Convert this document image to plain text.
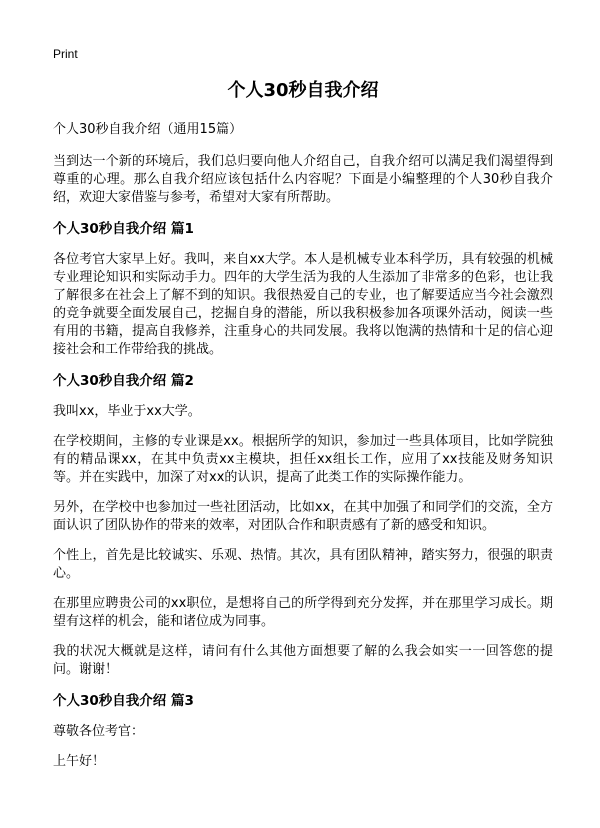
Print
个人30秒自我介绍

个人30秒自我介绍（通用15篇）

当到达一个新的环境后，我们总归要向他人介绍自己，自我介绍可以满足我们渴望得到尊重的心理。那么自我介绍应该包括什么内容呢？下面是小编整理的个人30秒自我介绍，欢迎大家借鉴与参考，希望对大家有所帮助。

个人30秒自我介绍 篇1

各位考官大家早上好。我叫，来自xx大学。本人是机械专业本科学历，具有较强的机械专业理论知识和实际动手力。四年的大学生活为我的人生添加了非常多的色彩，也让我了解很多在社会上了解不到的知识。我很热爱自己的专业，也了解要适应当今社会激烈的竞争就要全面发展自己，挖掘自身的潜能，所以我积极参加各项课外活动，阅读一些有用的书籍，提高自我修养，注重身心的共同发展。我将以饱满的热情和十足的信心迎接社会和工作带给我的挑战。

个人30秒自我介绍 篇2

我叫xx，毕业于xx大学。

在学校期间，主修的专业课是xx。根据所学的知识，参加过一些具体项目，比如学院独有的精品课xx，在其中负责xx主模块，担任xx组长工作，应用了xx技能及财务知识等。并在实践中，加深了对xx的认识，提高了此类工作的实际操作能力。

另外，在学校中也参加过一些社团活动，比如xx，在其中加强了和同学们的交流，全方面认识了团队协作的带来的效率，对团队合作和职责感有了新的感受和知识。

个性上，首先是比较诚实、乐观、热情。其次，具有团队精神，踏实努力，很强的职责心。

在那里应聘贵公司的xx职位，是想将自己的所学得到充分发挥，并在那里学习成长。期望有这样的机会，能和诸位成为同事。

我的状况大概就是这样，请问有什么其他方面想要了解的么我会如实一一回答您的提问。谢谢！

个人30秒自我介绍 篇3

尊敬各位考官：

上午好！
